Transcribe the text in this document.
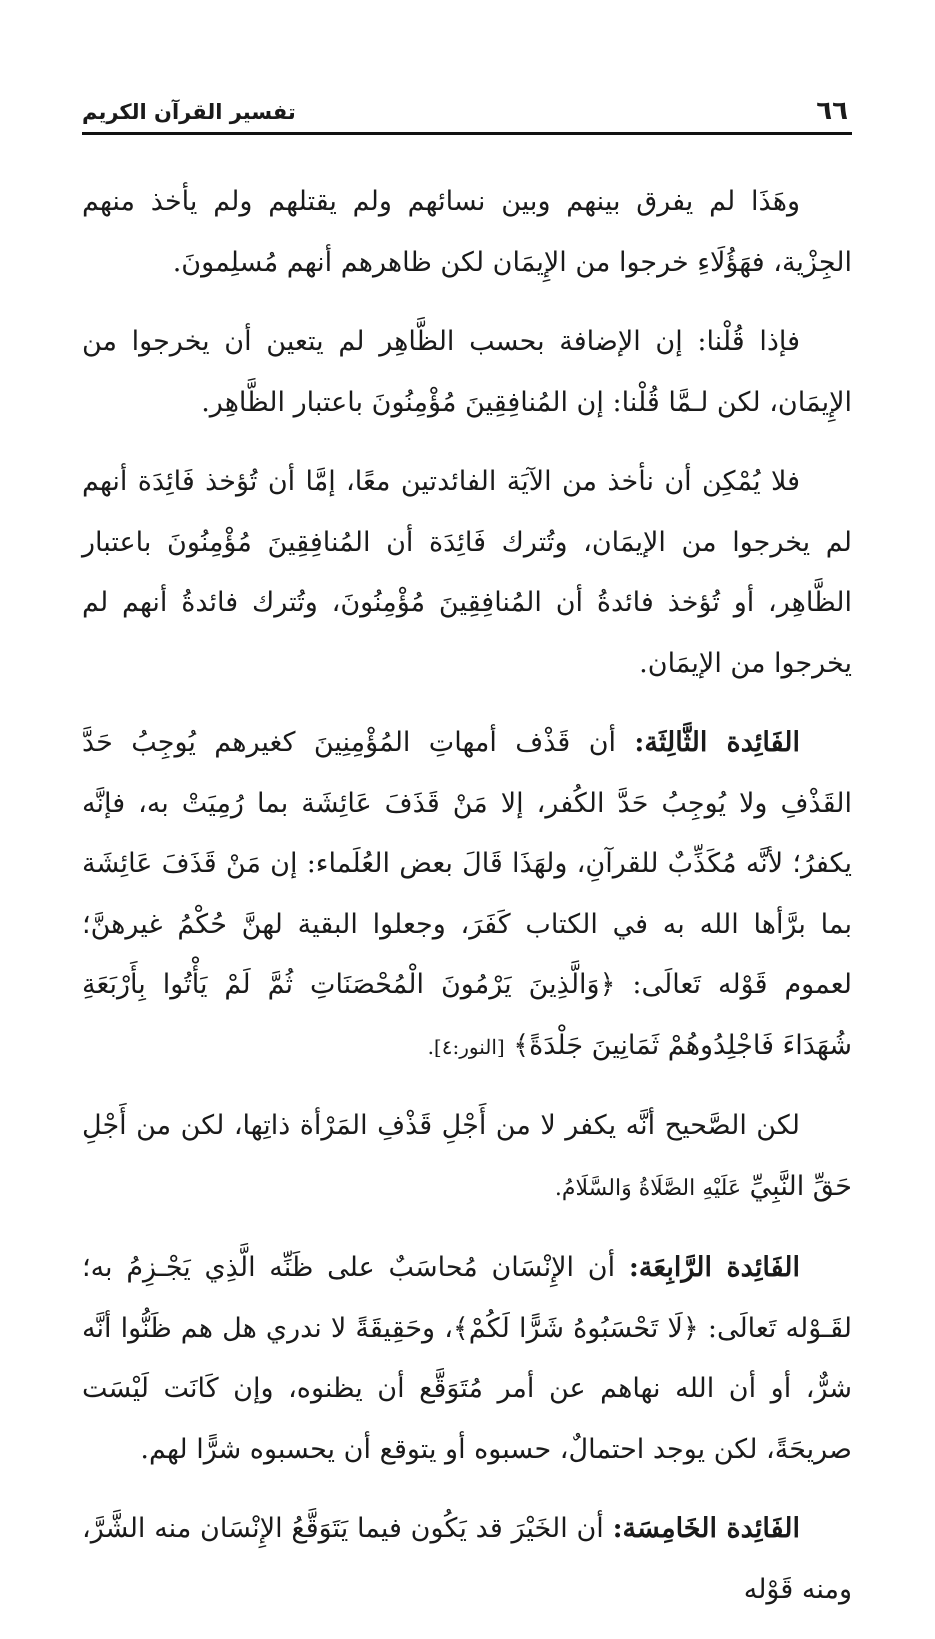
٦٦
تفسير القرآن الكريم

وهَذَا لم يفرق بينهم وبين نسائهم ولم يقتلهم ولم يأخذ منهم الجِزْية، فهَؤُلَاءِ خرجوا من الإِيمَان لكن ظاهرهم أنهم مُسلِمونَ.

فإذا قُلْنا: إن الإضافة بحسب الظَّاهِر لم يتعين أن يخرجوا من الإِيمَان، لكن لـمَّا قُلْنا: إن المُنافِقِينَ مُؤْمِنُونَ باعتبار الظَّاهِر.

فلا يُمْكِن أن نأخذ من الآيَة الفائدتين معًا، إمَّا أن تُؤخذ فَائِدَة أنهم لم يخرجوا من الإيمَان، وتُترك فَائِدَة أن المُنافِقِينَ مُؤْمِنُونَ باعتبار الظَّاهِر، أو تُؤخذ فائدةُ أن المُنافِقِينَ مُؤْمِنُونَ، وتُترك فائدةُ أنهم لم يخرجوا من الإيمَان.

الفَائِدة الثَّالِثَة: أن قَذْف أمهاتِ المُؤْمِنِينَ كغيرهم يُوجِبُ حَدَّ القَذْفِ ولا يُوجِبُ حَدَّ الكُفر، إلا مَنْ قَذَفَ عَائِشَة بما رُمِيَتْ به، فإنَّه يكفرُ؛ لأنَّه مُكَذِّبٌ للقرآنِ، ولهَذَا قَالَ بعض العُلَماء: إن مَنْ قَذَفَ عَائِشَة بما برَّأها الله به في الكتاب كَفَرَ، وجعلوا البقية لهنَّ حُكْمُ غيرهنَّ؛ لعموم قَوْله تَعالَى: ﴿وَالَّذِينَ يَرْمُونَ الْمُحْصَنَاتِ ثُمَّ لَمْ يَأْتُوا بِأَرْبَعَةِ شُهَدَاءَ فَاجْلِدُوهُمْ ثَمَانِينَ جَلْدَةً﴾ [النور:٤].

لكن الصَّحيح أنَّه يكفر لا من أَجْلِ قَذْفِ المَرْأة ذاتِها، لكن من أَجْلِ حَقِّ النَّبِيِّ عَلَيْهِ الصَّلَاةُ وَالسَّلَامُ.

الفَائِدة الرَّابِعَة: أن الإِنْسَان مُحاسَبٌ على ظَنِّه الَّذِي يَجْـزِمُ به؛ لقَـوْله تَعالَى: ﴿لَا تَحْسَبُوهُ شَرًّا لَكُمْ﴾، وحَقِيقَةً لا ندري هل هم ظَنُّوا أنَّه شرٌّ، أو أن الله نهاهم عن أمر مُتَوَقَّع أن يظنوه، وإن كَانَت لَيْسَت صريحَةً، لكن يوجد احتمالٌ، حسبوه أو يتوقع أن يحسبوه شرًّا لهم.

الفَائِدة الخَامِسَة: أن الخَيْرَ قد يَكُون فيما يَتَوَقَّعُ الإِنْسَان منه الشَّرَّ، ومنه قَوْله
